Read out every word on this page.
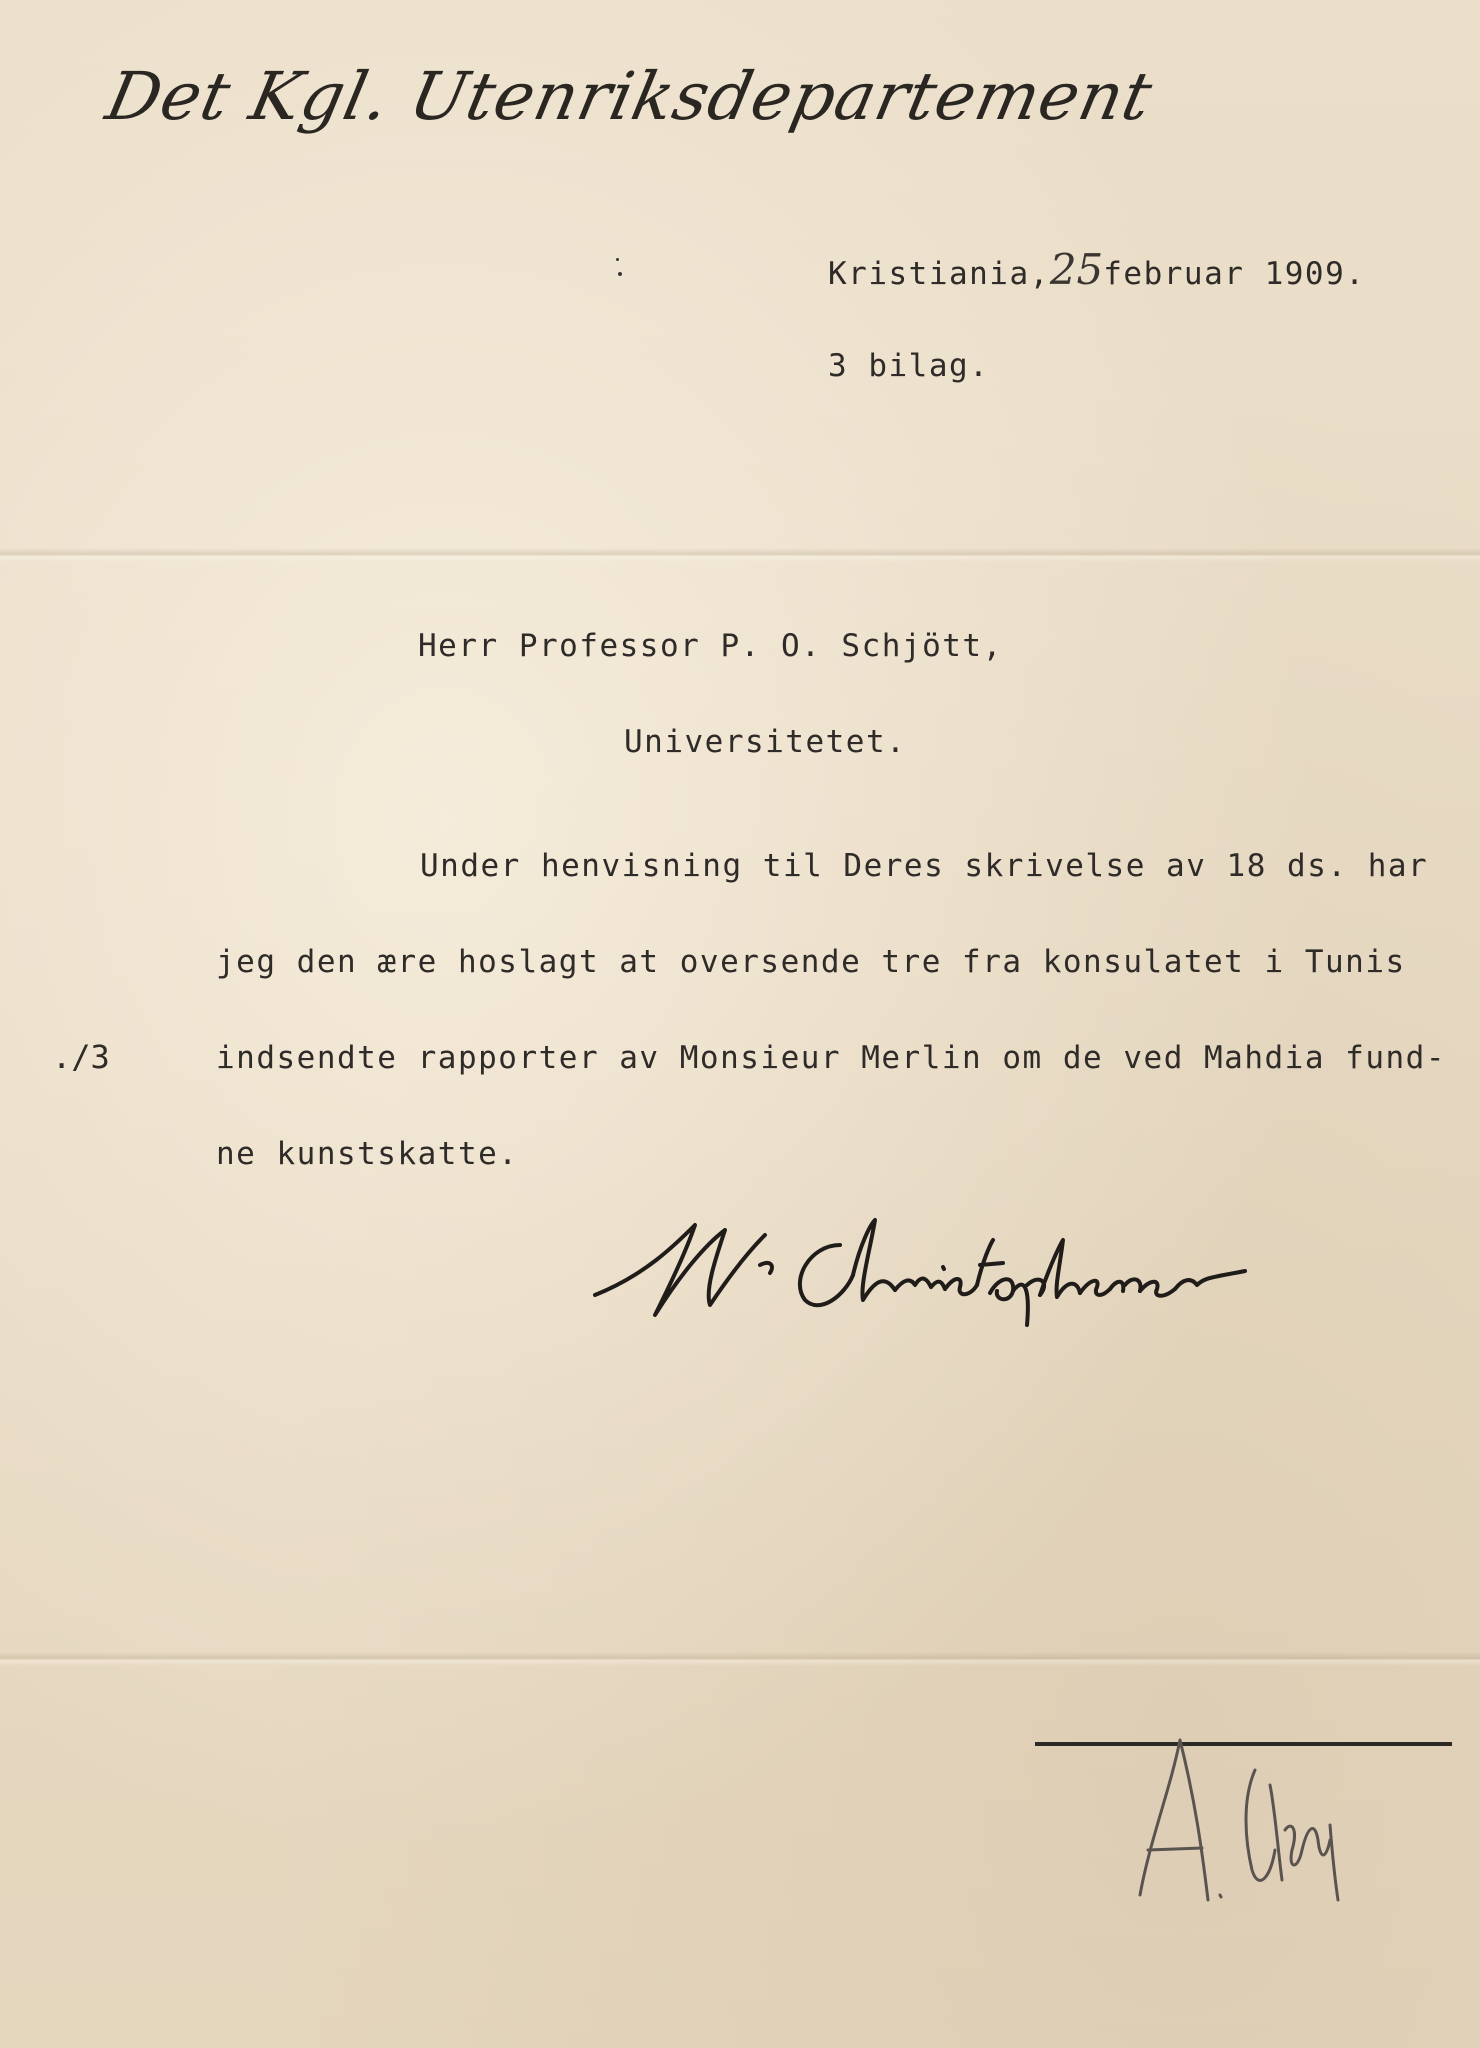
Det Kgl. Utenriksdepartement
Kristiania,25februar 1909.
3 bilag.
Herr Professor P. O. Schjött,
Universitetet.
Under henvisning til Deres skrivelse av 18 ds. har
jeg den ære hoslagt at oversende tre fra konsulatet i Tunis
./3	indsendte rapporter av Monsieur Merlin om de ved Mahdia fund-
ne kunstskatte.
